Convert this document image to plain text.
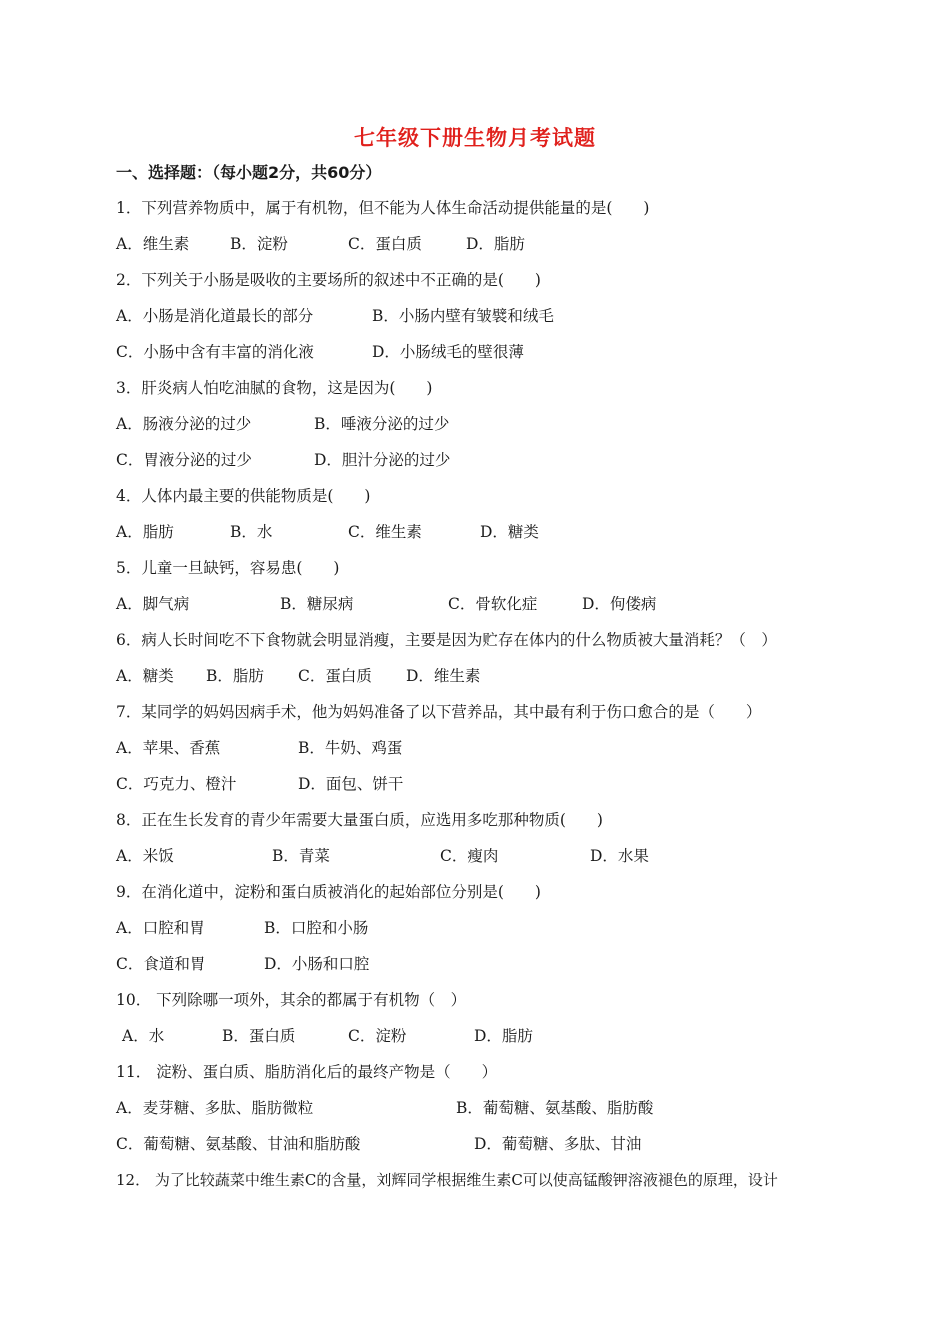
七年级下册生物月考试题
一、选择题：（每小题2分，共60分）
1．下列营养物质中，属于有机物，但不能为人体生命活动提供能量的是(　　)
A．维生素	B．淀粉	C．蛋白质	D．脂肪
2．下列关于小肠是吸收的主要场所的叙述中不正确的是(　　)
A．小肠是消化道最长的部分	B．小肠内壁有皱襞和绒毛
C．小肠中含有丰富的消化液	D．小肠绒毛的壁很薄
3．肝炎病人怕吃油腻的食物，这是因为(　　)
A．肠液分泌的过少	B．唾液分泌的过少
C．胃液分泌的过少	D．胆汁分泌的过少
4．人体内最主要的供能物质是(　　)
A．脂肪	B．水	C．维生素	D．糖类
5．儿童一旦缺钙，容易患(　　)
A．脚气病	B．糖尿病	C．骨软化症	D．佝偻病
6．病人长时间吃不下食物就会明显消瘦，主要是因为贮存在体内的什么物质被大量消耗？（　）
A．糖类 B．脂肪 C．蛋白质 D．维生素
7．某同学的妈妈因病手术，他为妈妈准备了以下营养品，其中最有利于伤口愈合的是（　　）
A．苹果、香蕉	B．牛奶、鸡蛋
C．巧克力、橙汁	D．面包、饼干
8．正在生长发育的青少年需要大量蛋白质，应选用多吃那种物质(　　)
A．米饭	B．青菜	C．瘦肉	D．水果
9．在消化道中，淀粉和蛋白质被消化的起始部位分别是(　　)
A．口腔和胃	B．口腔和小肠
C．食道和胃	D．小肠和口腔
10． 下列除哪一项外，其余的都属于有机物（　）
A．水	B．蛋白质	C．淀粉	D．脂肪
11． 淀粉、蛋白质、脂肪消化后的最终产物是（　　）
A．麦芽糖、多肽、脂肪微粒	B．葡萄糖、氨基酸、脂肪酸
C．葡萄糖、氨基酸、甘油和脂肪酸	D．葡萄糖、多肽、甘油
12． 为了比较蔬菜中维生素C的含量，刘辉同学根据维生素C可以使高锰酸钾溶液褪色的原理，设计
